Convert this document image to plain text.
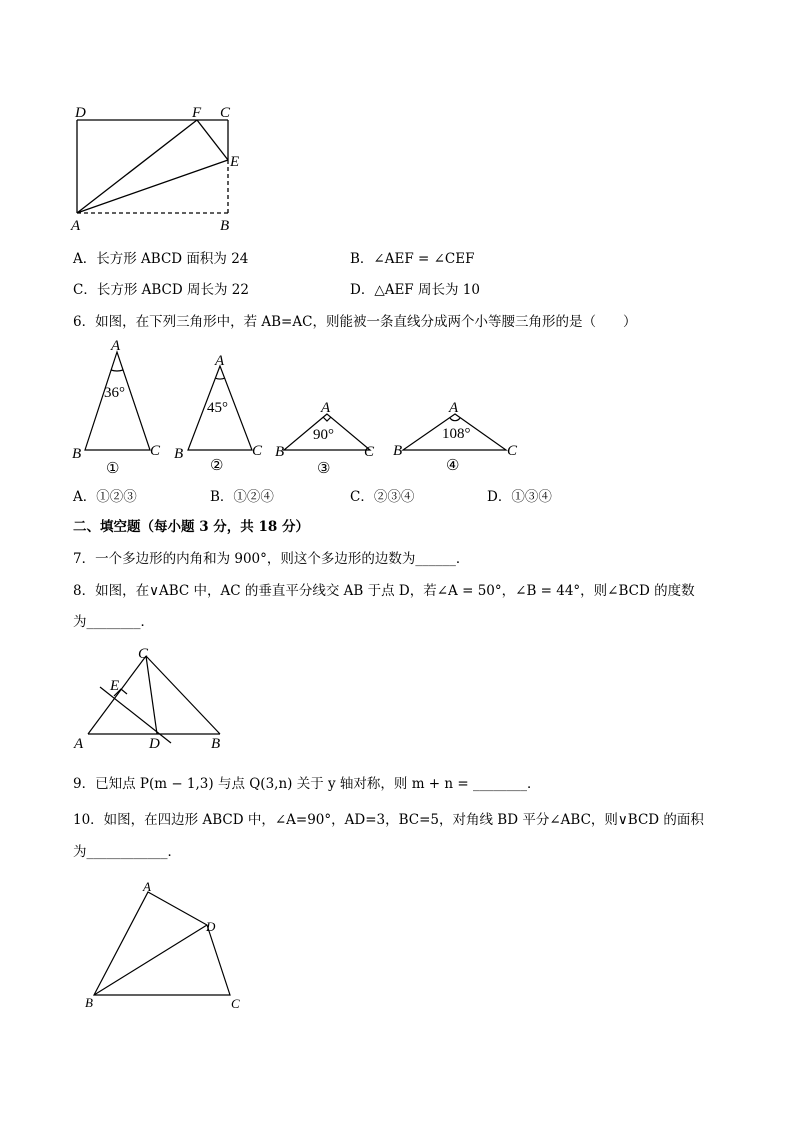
D	F C
E
A	B
A．长方形 ABCD 面积为 24	B．∠AEF = ∠CEF
C．长方形 ABCD 周长为 22	D．△AEF 周长为 10
6．如图，在下列三角形中，若 AB=AC，则能被一条直线分成两个小等腰三角形的是（　　）
A
36°
B	C
①
A
45°
B	C
②
A
90°
B	C
③
A
108°
B	C
④
A．①②③	B．①②④	C．②③④	D．①③④
二、填空题（每小题 3 分，共 18 分）
7．一个多边形的内角和为 900°，则这个多边形的边数为______．
8．如图，在∨ABC 中，AC 的垂直平分线交 AB 于点 D，若∠A = 50°，∠B = 44°，则∠BCD 的度数
为________．
C
E
A	D	B
9．已知点 P(m − 1,3) 与点 Q(3,n) 关于 y 轴对称，则 m + n = ________．
10．如图，在四边形 ABCD 中，∠A=90°，AD=3，BC=5，对角线 BD 平分∠ABC，则∨BCD 的面积
为____________．
A
D
B	C
